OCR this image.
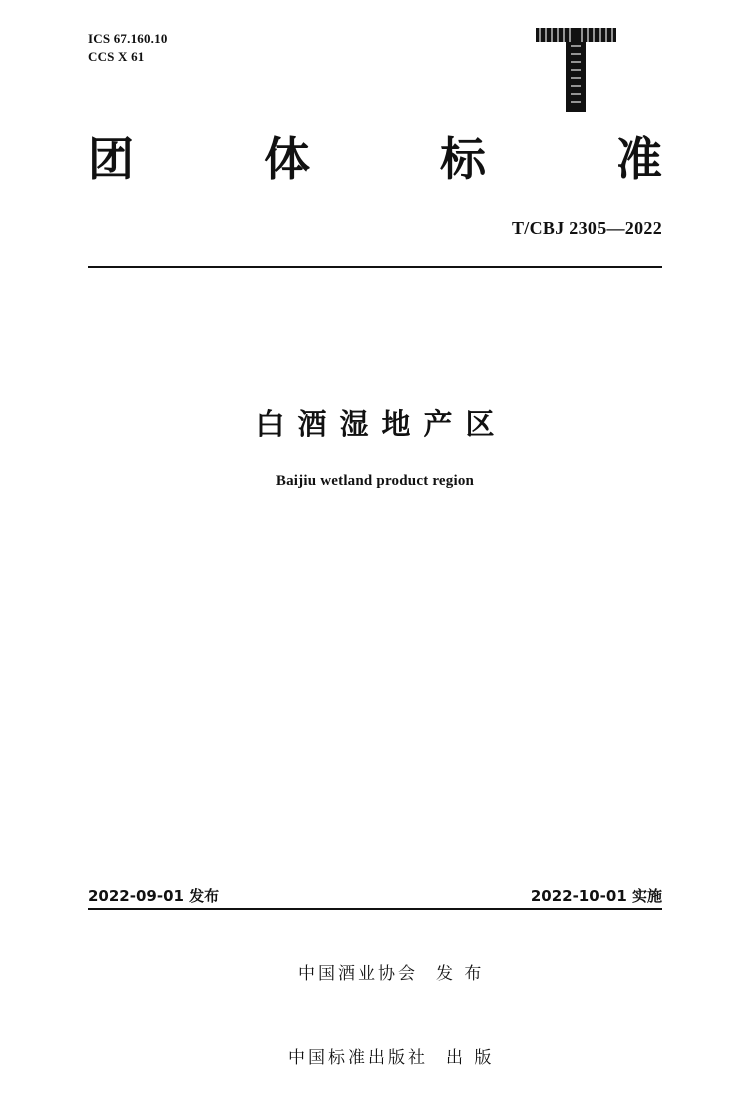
ICS 67.160.10
CCS X 61
团	体	标	准
T/CBJ 2305—2022
白酒湿地产区
Baijiu wetland product region
2022-09-01 发布	2022-10-01 实施

中国酒业协会 发 布

中国标准出版社 出 版
